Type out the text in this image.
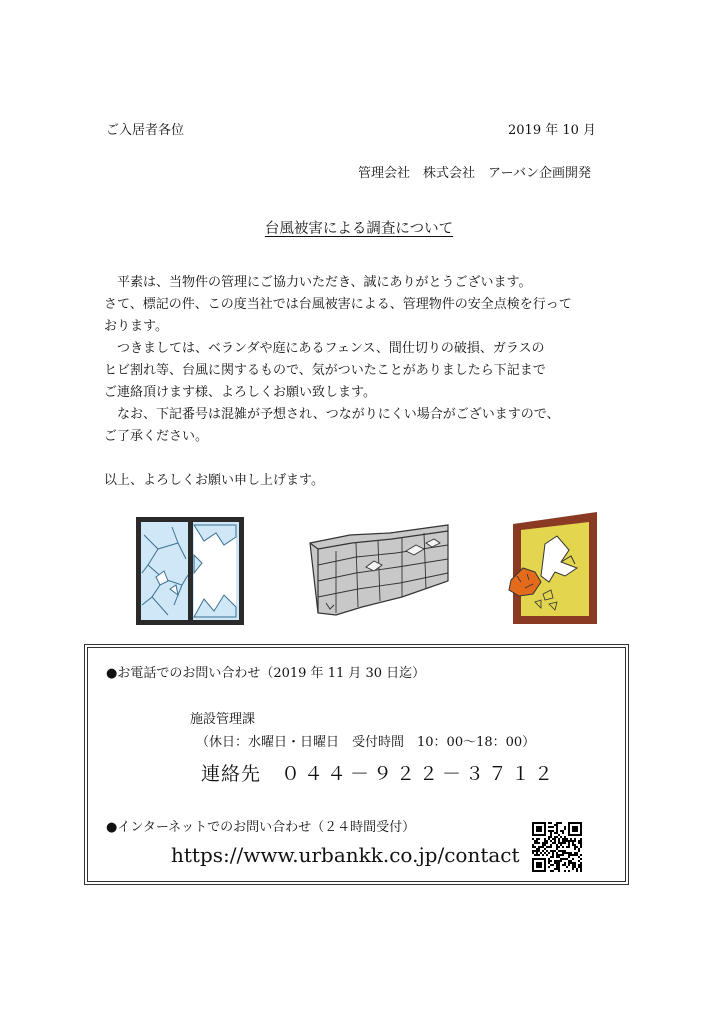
ご入居者各位	2019 年 10 月
管理会社　株式会社　アーバン企画開発
台風被害による調査について
　平素は、当物件の管理にご協力いただき、誠にありがとうございます。
さて、標記の件、この度当社では台風被害による、管理物件の安全点検を行って
おります。
　つきましては、ベランダや庭にあるフェンス、間仕切りの破損、ガラスの
ヒビ割れ等、台風に関するもので、気がついたことがありましたら下記まで
ご連絡頂けます様、よろしくお願い致します。
　なお、下記番号は混雑が予想され、つながりにくい場合がございますので、
ご了承ください。
以上、よろしくお願い申し上げます。
●お電話でのお問い合わせ（2019 年 11 月 30 日迄）
施設管理課
（休日：水曜日・日曜日　受付時間　10：00〜18：00）
連絡先 ０４４－９２２－３７１２
●インターネットでのお問い合わせ（２４時間受付）
https://www.urbankk.co.jp/contact
